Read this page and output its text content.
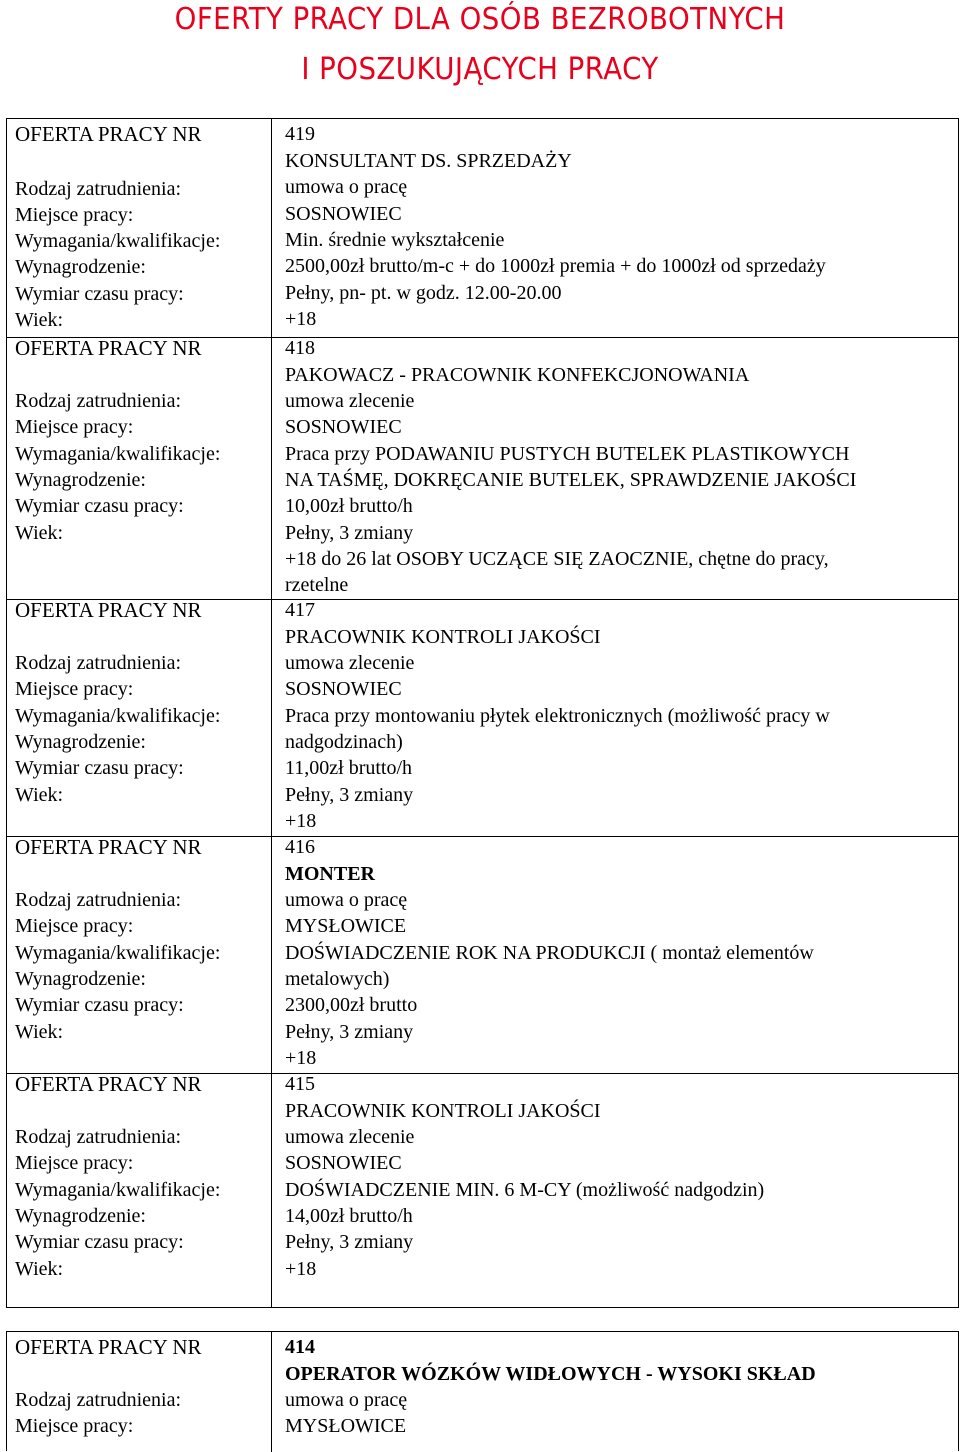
OFERTY PRACY DLA OSÓB BEZROBOTNYCH
I POSZUKUJĄCYCH PRACY
OFERTA PRACY NR
Rodzaj zatrudnienia:
Miejsce pracy:
Wymagania/kwalifikacje:
Wynagrodzenie:
Wymiar czasu pracy:
Wiek:
419
KONSULTANT DS. SPRZEDAŻY
umowa o pracę
SOSNOWIEC
Min. średnie wykształcenie
2500,00zł brutto/m-c + do 1000zł premia + do 1000zł od sprzedaży
Pełny, pn- pt. w godz. 12.00-20.00
+18
OFERTA PRACY NR
Rodzaj zatrudnienia:
Miejsce pracy:
Wymagania/kwalifikacje:
Wynagrodzenie:
Wymiar czasu pracy:
Wiek:
418
PAKOWACZ - PRACOWNIK KONFEKCJONOWANIA
umowa zlecenie
SOSNOWIEC
Praca przy PODAWANIU PUSTYCH BUTELEK PLASTIKOWYCH
NA TAŚMĘ, DOKRĘCANIE BUTELEK, SPRAWDZENIE JAKOŚCI
10,00zł brutto/h
Pełny, 3 zmiany
+18 do 26 lat OSOBY UCZĄCE SIĘ ZAOCZNIE, chętne do pracy,
rzetelne
OFERTA PRACY NR
Rodzaj zatrudnienia:
Miejsce pracy:
Wymagania/kwalifikacje:
Wynagrodzenie:
Wymiar czasu pracy:
Wiek:
417
PRACOWNIK KONTROLI JAKOŚCI
umowa zlecenie
SOSNOWIEC
Praca przy montowaniu płytek elektronicznych (możliwość pracy w
nadgodzinach)
11,00zł brutto/h
Pełny, 3 zmiany
+18
OFERTA PRACY NR
Rodzaj zatrudnienia:
Miejsce pracy:
Wymagania/kwalifikacje:
Wynagrodzenie:
Wymiar czasu pracy:
Wiek:
416
MONTER
umowa o pracę
MYSŁOWICE
DOŚWIADCZENIE ROK NA PRODUKCJI ( montaż elementów
metalowych)
2300,00zł brutto
Pełny, 3 zmiany
+18
OFERTA PRACY NR
Rodzaj zatrudnienia:
Miejsce pracy:
Wymagania/kwalifikacje:
Wynagrodzenie:
Wymiar czasu pracy:
Wiek:
415
PRACOWNIK KONTROLI JAKOŚCI
umowa zlecenie
SOSNOWIEC
DOŚWIADCZENIE MIN. 6 M-CY (możliwość nadgodzin)
14,00zł brutto/h
Pełny, 3 zmiany
+18
OFERTA PRACY NR
Rodzaj zatrudnienia:
Miejsce pracy:
414
OPERATOR WÓZKÓW WIDŁOWYCH - WYSOKI SKŁAD
umowa o pracę
MYSŁOWICE
